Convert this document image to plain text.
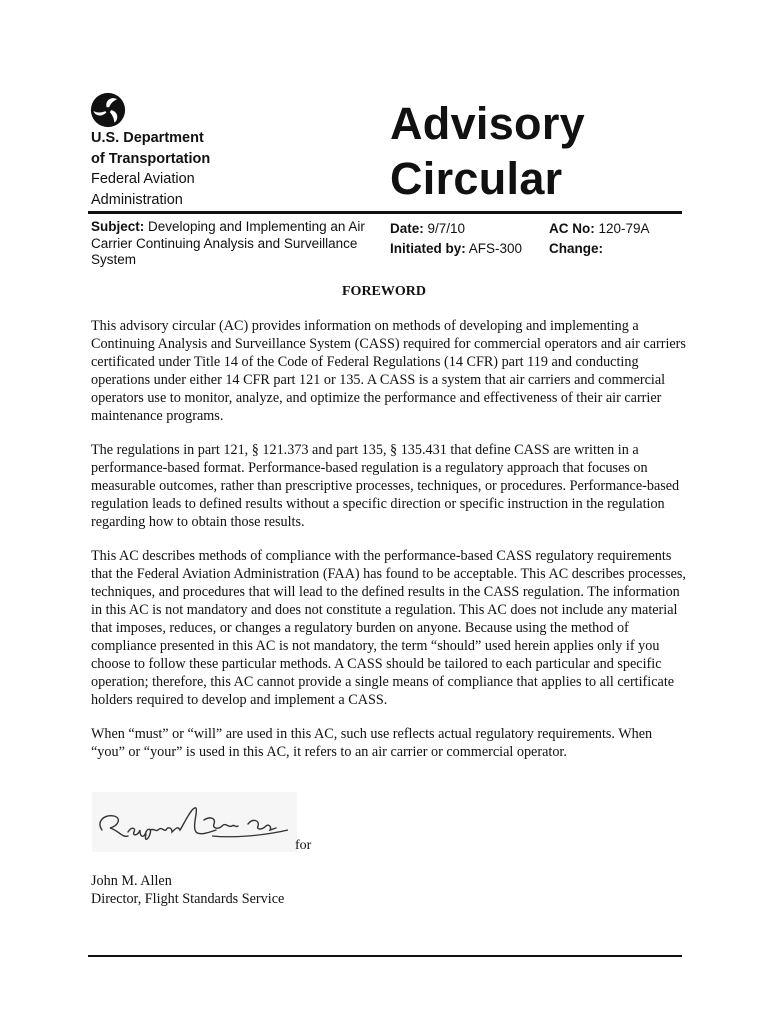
U.S. Department
of Transportation
Federal Aviation
Administration
Advisory
Circular
Subject: Developing and Implementing an Air Carrier Continuing Analysis and Surveillance System
Date: 9/7/10
Initiated by: AFS-300
AC No: 120-79A
Change:
FOREWORD

This advisory circular (AC) provides information on methods of developing and implementing a Continuing Analysis and Surveillance System (CASS) required for commercial operators and air carriers certificated under Title 14 of the Code of Federal Regulations (14 CFR) part 119 and conducting operations under either 14 CFR part 121 or 135. A CASS is a system that air carriers and commercial operators use to monitor, analyze, and optimize the performance and effectiveness of their air carrier maintenance programs.

The regulations in part 121, § 121.373 and part 135, § 135.431 that define CASS are written in a performance-based format. Performance-based regulation is a regulatory approach that focuses on measurable outcomes, rather than prescriptive processes, techniques, or procedures. Performance-based regulation leads to defined results without a specific direction or specific instruction in the regulation regarding how to obtain those results.

This AC describes methods of compliance with the performance-based CASS regulatory requirements that the Federal Aviation Administration (FAA) has found to be acceptable. This AC describes processes, techniques, and procedures that will lead to the defined results in the CASS regulation. The information in this AC is not mandatory and does not constitute a regulation. This AC does not include any material that imposes, reduces, or changes a regulatory burden on anyone. Because using the method of compliance presented in this AC is not mandatory, the term “should” used herein applies only if you choose to follow these particular methods. A CASS should be tailored to each particular and specific operation; therefore, this AC cannot provide a single means of compliance that applies to all certificate holders required to develop and implement a CASS.

When “must” or “will” are used in this AC, such use reflects actual regulatory requirements. When “you” or “your” is used in this AC, it refers to an air carrier or commercial operator.

for
John M. Allen
Director, Flight Standards Service
